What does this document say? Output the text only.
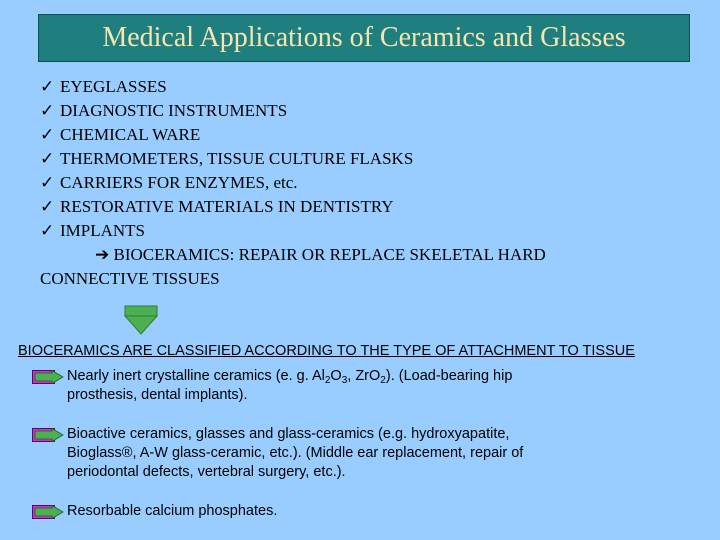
Medical Applications of Ceramics and Glasses
✓ EYEGLASSES
✓ DIAGNOSTIC INSTRUMENTS
✓ CHEMICAL WARE
✓ THERMOMETERS, TISSUE CULTURE FLASKS
✓ CARRIERS FOR ENZYMES, etc.
✓ RESTORATIVE MATERIALS IN DENTISTRY
✓ IMPLANTS
➔ BIOCERAMICS: REPAIR OR REPLACE SKELETAL HARD
CONNECTIVE TISSUES
BIOCERAMICS ARE CLASSIFIED ACCORDING TO THE TYPE OF ATTACHMENT TO TISSUE
Nearly inert crystalline ceramics (e. g. $Al_2O_3$, ZrO$_2$). (Load-bearing hip
prosthesis, dental implants).
Bioactive ceramics, glasses and glass-ceramics (e.g. hydroxyapatite,
Bioglass®, A-W glass-ceramic, etc.). (Middle ear replacement, repair of
periodontal defects, vertebral surgery, etc.).
Resorbable calcium phosphates.
